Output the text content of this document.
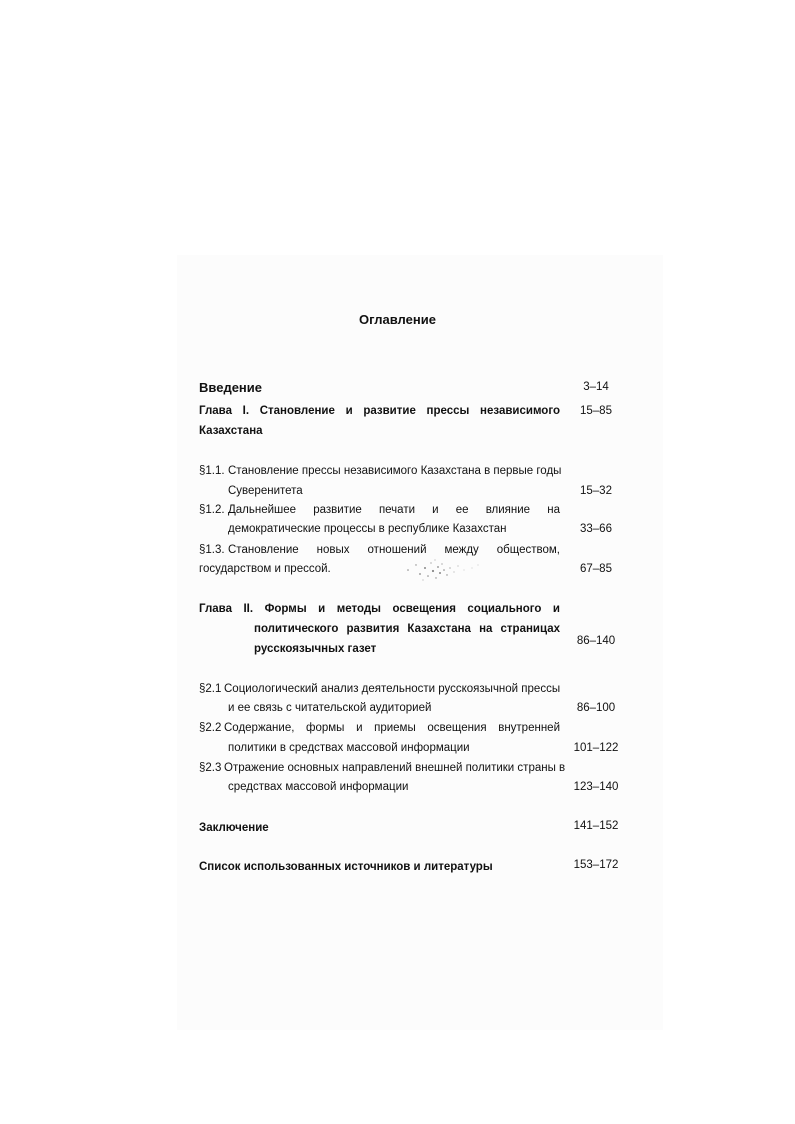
Оглавление
Введение	3–14
Глава I. Становление и развитие прессы независимого
Казахстана
15–85
§1.1. Становление прессы независимого Казахстана в первые годы
Суверенитета	15–32
§1.2. Дальнейшее развитие печати и ее влияние на
демократические процессы в республике Казахстан	33–66
§1.3. Становление новых отношений между обществом,
государством и прессой.	67–85
Глава II. Формы и методы освещения социального и
политического развития Казахстана на страницах
русскоязычных газет
86–140
§2.1 Социологический анализ деятельности русскоязычной прессы
и ее связь с читательской аудиторией	86–100
§2.2 Содержание, формы и приемы освещения внутренней
политики в средствах массовой информации	101–122
§2.3 Отражение основных направлений внешней политики страны в
средствах массовой информации	123–140
Заключение	141–152
Список использованных источников и литературы	153–172
